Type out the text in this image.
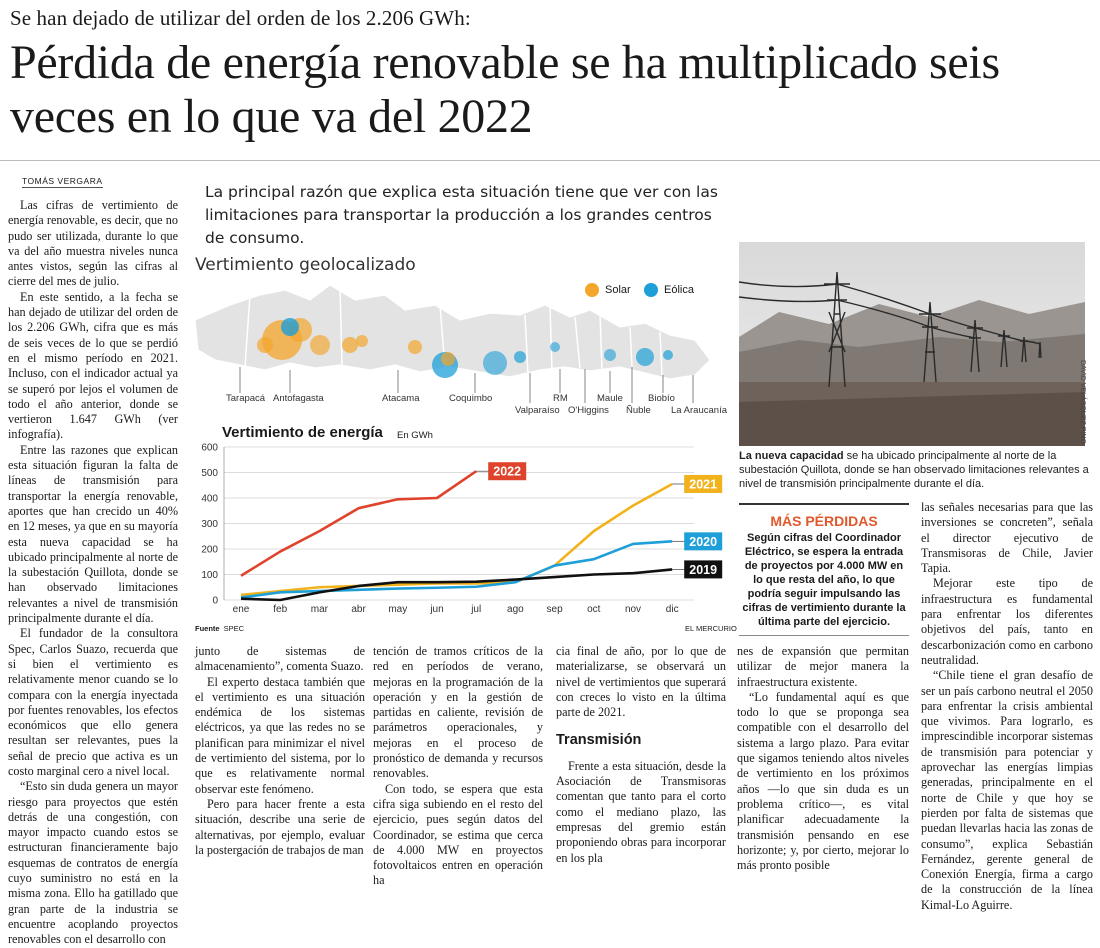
Se han dejado de utilizar del orden de los 2.206 GWh:
Pérdida de energía renovable se ha multiplicado seis veces en lo que va del 2022
TOMÁS VERGARA
La principal razón que explica esta situación tiene que ver con las limitaciones para transportar la producción a los grandes centros de consumo.

Las cifras de vertimiento de energía renovable, es decir, que no pudo ser utilizada, durante lo que va del año muestra niveles nunca antes vistos, según las cifras al cierre del mes de julio.

En este sentido, a la fecha se han dejado de utilizar del orden de los 2.206 GWh, cifra que es más de seis veces de lo que se perdió en el mismo período en 2021. Incluso, con el indicador actual ya se superó por lejos el volumen de todo el año anterior, donde se vertieron 1.647 GWh (ver infografía).

Entre las razones que explican esta situación figuran la falta de líneas de transmisión para transportar la energía renovable, aportes que han crecido un 40% en 12 meses, ya que en su mayoría esta nueva capacidad se ha ubicado principalmente al norte de la subestación Quillota, donde se han observado limitaciones relevantes a nivel de transmisión principalmente durante el día.

El fundador de la consultora Spec, Carlos Suazo, recuerda que si bien el vertimiento es relativamente menor cuando se lo compara con la energía inyectada por fuentes renovables, los efectos económicos que ello genera resultan ser relevantes, pues la señal de precio que activa es un costo marginal cero a nivel local.

“Esto sin duda genera un mayor riesgo para proyectos que estén detrás de una congestión, con mayor impacto cuando estos se estructuran financieramente bajo esquemas de contratos de energía cuyo suministro no está en la misma zona. Ello ha gatillado que gran parte de la industria se encuentre acoplando proyectos renovables con el desarrollo con

Vertimiento geolocalizado
Solar	Eólica
Tarapacá Antofagasta	Atacama	Coquimbo
Valparaíso
RM
O'Higgins
Maule
Ñuble
Biobío
La Araucanía
0
100
200
300
400
500
600
ene feb mar abr may jun	jul	ago sep oct nov dic
2022
2021
2020
2019
Vertimiento de energía En GWh
Fuente SPEC	EL MERCURIO
DAVID VELÁSQUEZ PINO
La nueva capacidad se ha ubicado principalmente al norte de la subestación Quillota, donde se han observado limitaciones relevantes a nivel de transmisión principalmente durante el día.
MÁS PÉRDIDAS
Según cifras del Coordinador Eléctrico, se espera la entrada de proyectos por 4.000 MW en lo que resta del año, lo que podría seguir impulsando las cifras de vertimiento durante la última parte del ejercicio.

junto de sistemas de almacenamiento”, comenta Suazo.

El experto destaca también que el vertimiento es una situación endémica de los sistemas eléctricos, ya que las redes no se planifican para minimizar el nivel de vertimiento del sistema, por lo que es relativamente normal observar este fenómeno.

Pero para hacer frente a esta situación, describe una serie de alternativas, por ejemplo, evaluar la postergación de trabajos de man

tención de tramos críticos de la red en períodos de verano, mejoras en la programación de la operación y en la gestión de partidas en caliente, revisión de parámetros operacionales, y mejoras en el proceso de pronóstico de demanda y recursos renovables.

Con todo, se espera que esta cifra siga subiendo en el resto del ejercicio, pues según datos del Coordinador, se estima que cerca de 4.000 MW en proyectos fotovoltaicos entren en operación ha

cia final de año, por lo que de materializarse, se observará un nivel de vertimientos que superará con creces lo visto en la última parte de 2021.

Transmisión

Frente a esta situación, desde la Asociación de Transmisoras comentan que tanto para el corto como el mediano plazo, las empresas del gremio están proponiendo obras para incorporar en los pla

nes de expansión que permitan utilizar de mejor manera la infraestructura existente.

“Lo fundamental aquí es que todo lo que se proponga sea compatible con el desarrollo del sistema a largo plazo. Para evitar que sigamos teniendo altos niveles de vertimiento en los próximos años —lo que sin duda es un problema crítico—, es vital planificar adecuadamente la transmisión pensando en ese horizonte; y, por cierto, mejorar lo más pronto posible

las señales necesarias para que las inversiones se concreten”, señala el director ejecutivo de Transmisoras de Chile, Javier Tapia.

Mejorar este tipo de infraestructura es fundamental para enfrentar los diferentes objetivos del país, tanto en descarbonización como en carbono neutralidad.

“Chile tiene el gran desafío de ser un país carbono neutral el 2050 para enfrentar la crisis ambiental que vivimos. Para lograrlo, es imprescindible incorporar sistemas de transmisión para potenciar y aprovechar las energías limpias generadas, principalmente en el norte de Chile y que hoy se pierden por falta de sistemas que puedan llevarlas hacia las zonas de consumo”, explica Sebastián Fernández, gerente general de Conexión Energía, firma a cargo de la construcción de la línea Kimal-Lo Aguirre.
